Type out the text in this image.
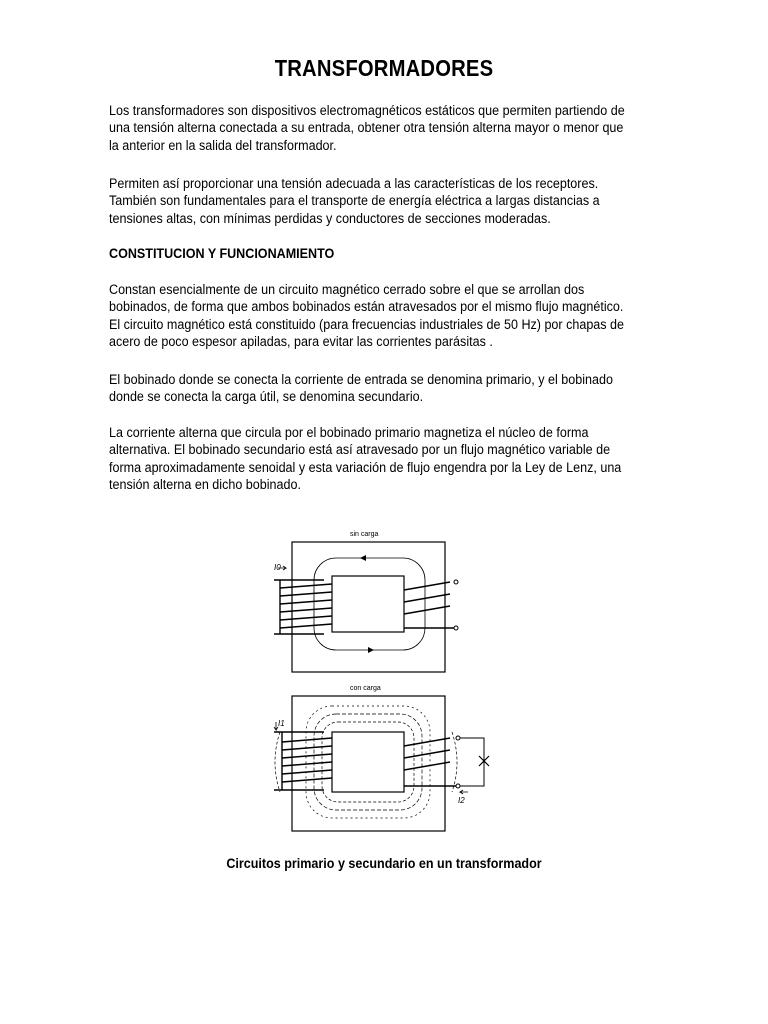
TRANSFORMADORES

Los transformadores son dispositivos electromagnéticos estáticos que permiten partiendo de una tensión alterna conectada a su entrada, obtener otra tensión alterna mayor o menor que la anterior en la salida del transformador.

Permiten así proporcionar una tensión adecuada a las características de los receptores. También son fundamentales para el transporte de energía eléctrica a largas distancias a tensiones altas, con mínimas perdidas y conductores de secciones moderadas.

CONSTITUCION Y FUNCIONAMIENTO

Constan esencialmente de un circuito magnético cerrado sobre el que se arrollan dos bobinados, de forma que ambos bobinados están atravesados por el mismo flujo magnético. El circuito magnético está constituido (para frecuencias industriales de 50 Hz) por chapas de acero de poco espesor apiladas, para evitar las corrientes parásitas .

El bobinado donde se conecta la corriente de entrada se denomina primario, y el bobinado donde se conecta la carga útil, se denomina secundario.

La corriente alterna que circula por el bobinado primario magnetiza el núcleo de forma alternativa. El bobinado secundario está así atravesado por un flujo magnético variable de forma aproximadamente senoidal y esta variación de flujo engendra por la Ley de Lenz, una tensión alterna en dicho bobinado.

sin carga
I0
con carga
I1
I2
Circuitos primario y secundario en un transformador
